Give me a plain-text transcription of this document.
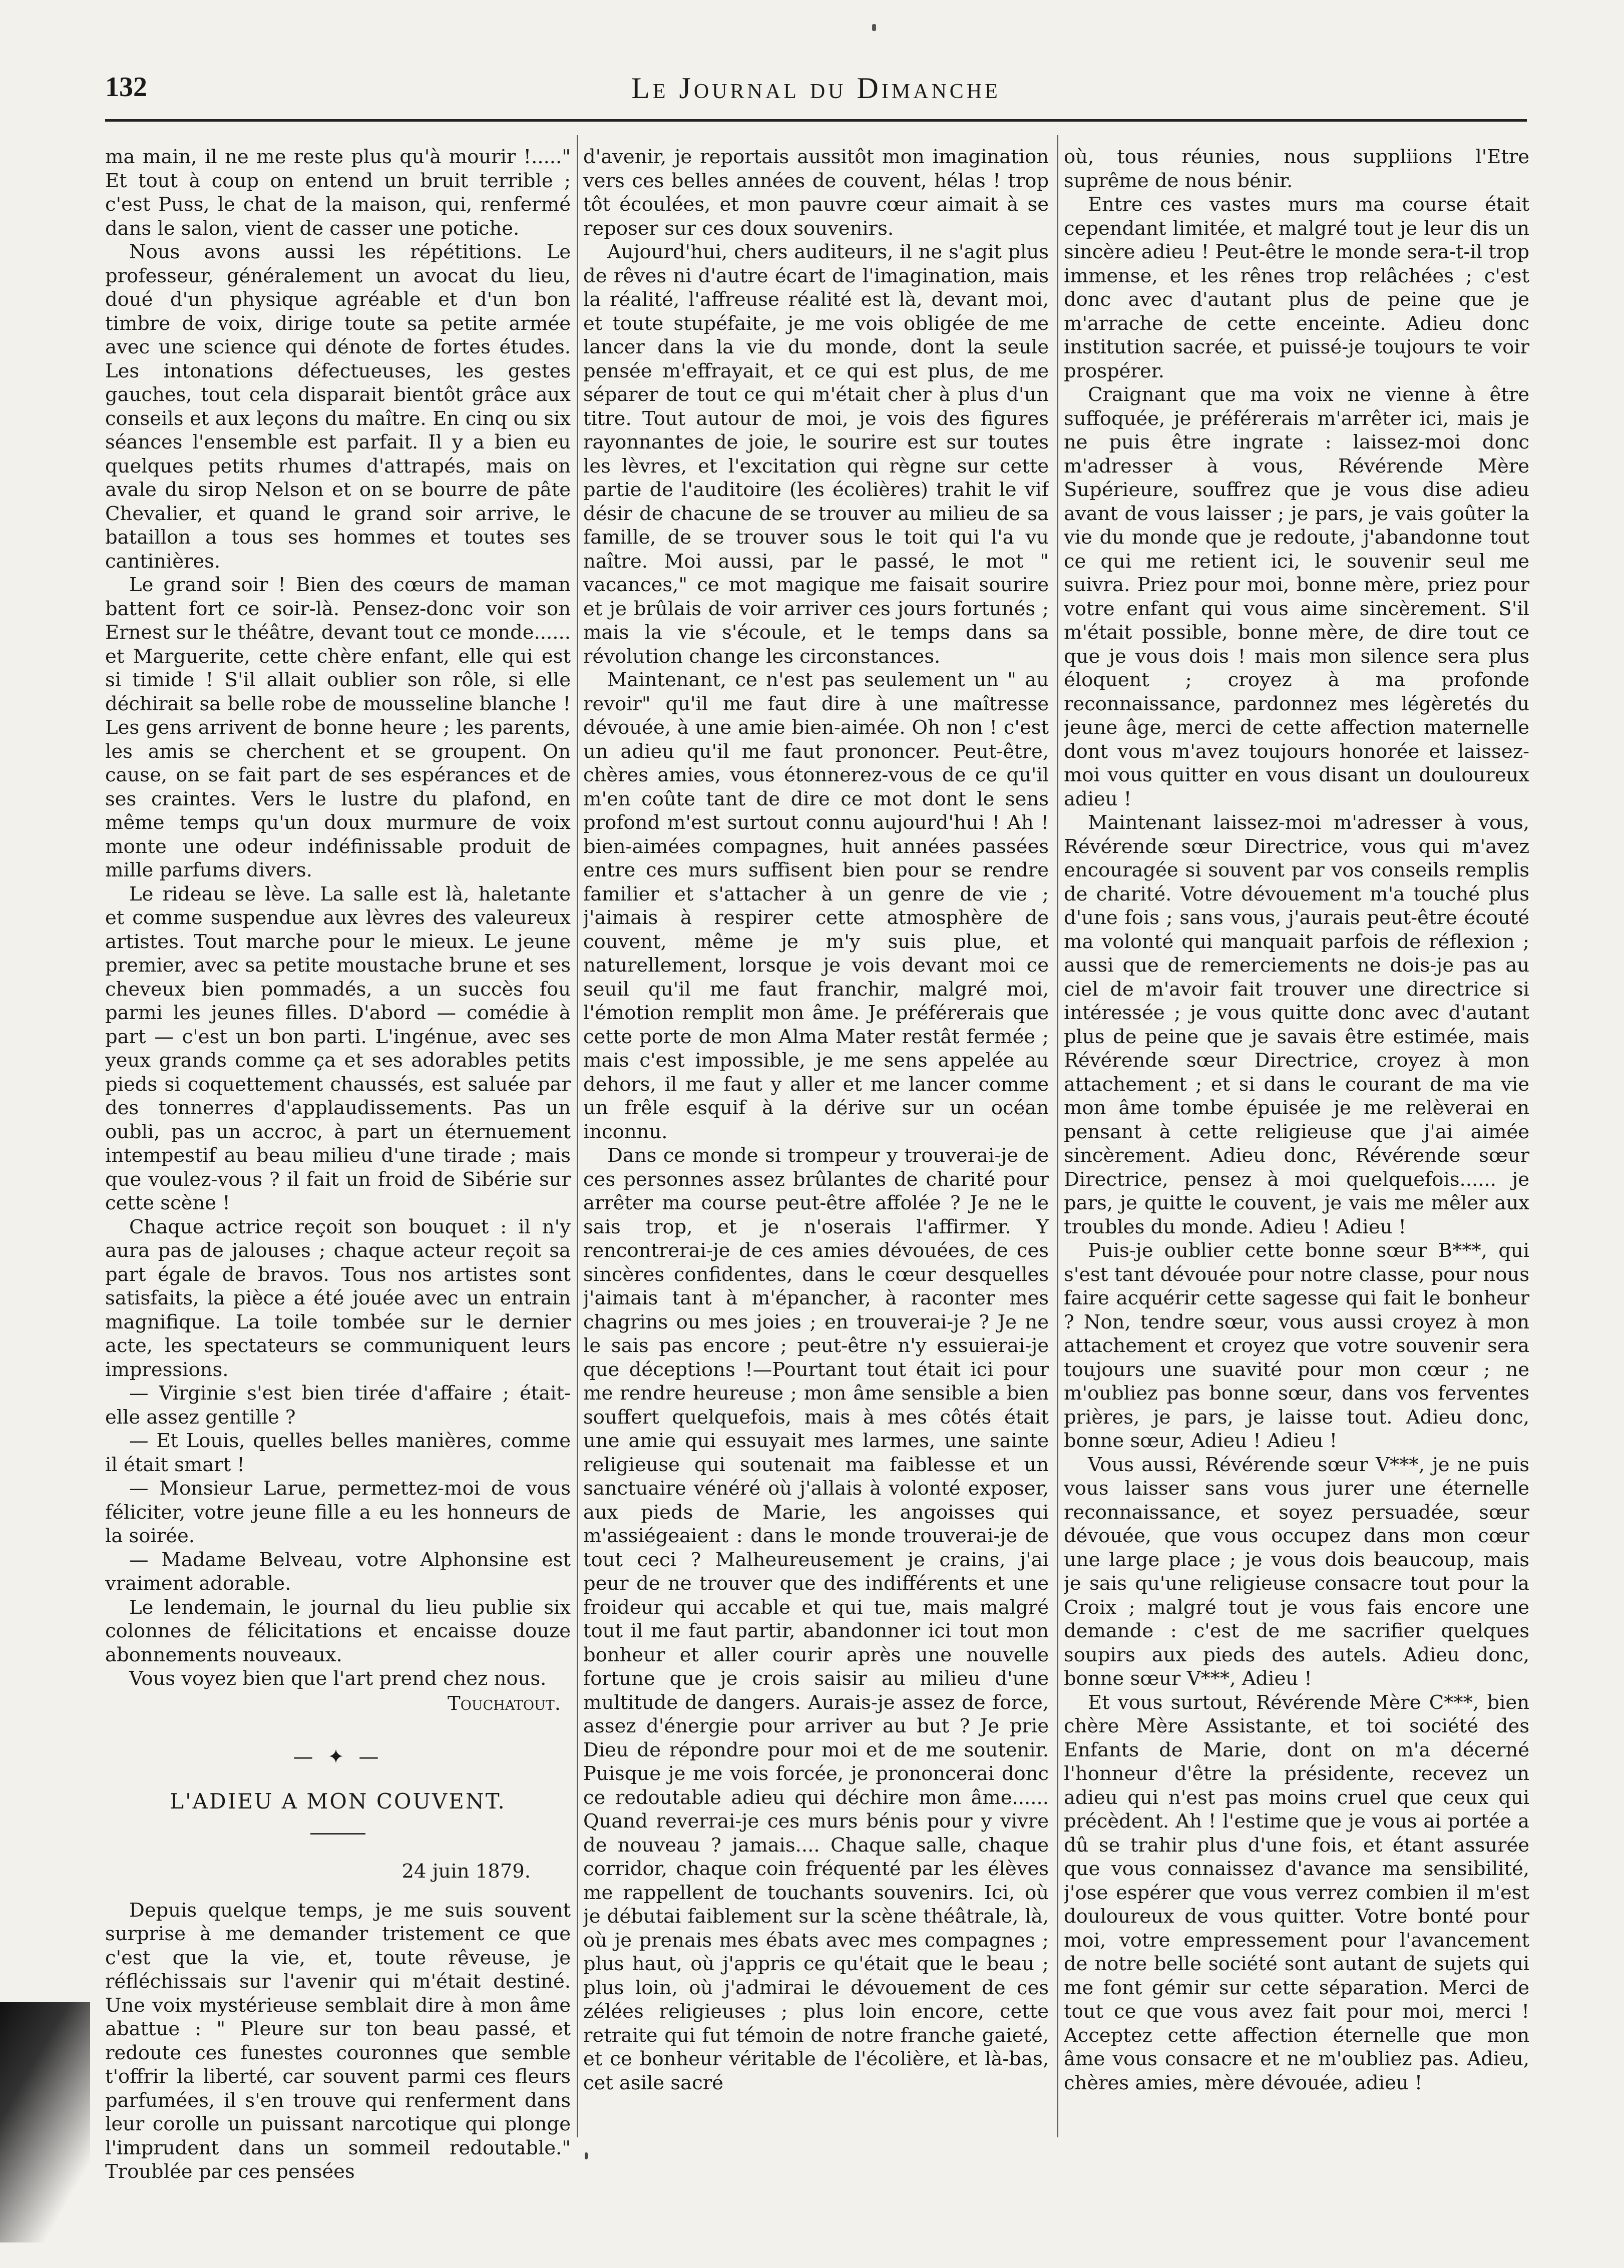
132	Le Journal du Dimanche

ma main, il ne me reste plus qu'à mourir !....." Et tout à coup on entend un bruit terrible ; c'est Puss, le chat de la maison, qui, renfermé dans le salon, vient de casser une potiche.

Nous avons aussi les répétitions. Le professeur, généralement un avocat du lieu, doué d'un physique agréable et d'un bon timbre de voix, dirige toute sa petite armée avec une science qui dénote de fortes études. Les intonations défectueuses, les gestes gauches, tout cela disparait bientôt grâce aux conseils et aux leçons du maître. En cinq ou six séances l'ensemble est parfait. Il y a bien eu quelques petits rhumes d'attrapés, mais on avale du sirop Nelson et on se bourre de pâte Chevalier, et quand le grand soir arrive, le bataillon a tous ses hommes et toutes ses cantinières.

Le grand soir ! Bien des cœurs de maman battent fort ce soir-là. Pensez-donc voir son Ernest sur le théâtre, devant tout ce monde...... et Marguerite, cette chère enfant, elle qui est si timide ! S'il allait oublier son rôle, si elle déchirait sa belle robe de mousseline blanche ! Les gens arrivent de bonne heure ; les parents, les amis se cherchent et se groupent. On cause, on se fait part de ses espérances et de ses craintes. Vers le lustre du plafond, en même temps qu'un doux murmure de voix monte une odeur indéfinissable produit de mille parfums divers.

Le rideau se lève. La salle est là, haletante et comme suspendue aux lèvres des valeureux artistes. Tout marche pour le mieux. Le jeune premier, avec sa petite moustache brune et ses cheveux bien pommadés, a un succès fou parmi les jeunes filles. D'abord — comédie à part — c'est un bon parti. L'ingénue, avec ses yeux grands comme ça et ses adorables petits pieds si coquettement chaussés, est saluée par des tonnerres d'applaudissements. Pas un oubli, pas un accroc, à part un éternuement intempestif au beau milieu d'une tirade ; mais que voulez-vous ? il fait un froid de Sibérie sur cette scène !

Chaque actrice reçoit son bouquet : il n'y aura pas de jalouses ; chaque acteur reçoit sa part égale de bravos. Tous nos artistes sont satisfaits, la pièce a été jouée avec un entrain magnifique. La toile tombée sur le dernier acte, les spectateurs se communiquent leurs impressions.

— Virginie s'est bien tirée d'affaire ; était-elle assez gentille ?

— Et Louis, quelles belles manières, comme il était smart !

— Monsieur Larue, permettez-moi de vous féliciter, votre jeune fille a eu les honneurs de la soirée.

— Madame Belveau, votre Alphonsine est vraiment adorable.

Le lendemain, le journal du lieu publie six colonnes de félicitations et encaisse douze abonnements nouveaux.

Vous voyez bien que l'art prend chez nous.

Touchatout.

— ✦ —

L'ADIEU A MON COUVENT.

24 juin 1879.

Depuis quelque temps, je me suis souvent surprise à me demander tristement ce que c'est que la vie, et, toute rêveuse, je réfléchissais sur l'avenir qui m'était destiné. Une voix mystérieuse semblait dire à mon âme abattue : " Pleure sur ton beau passé, et redoute ces funestes couronnes que semble t'offrir la liberté, car souvent parmi ces fleurs parfumées, il s'en trouve qui renferment dans leur corolle un puissant narcotique qui plonge l'imprudent dans un sommeil redoutable." Troublée par ces pensées

d'avenir, je reportais aussitôt mon imagination vers ces belles années de couvent, hélas ! trop tôt écoulées, et mon pauvre cœur aimait à se reposer sur ces doux souvenirs.

Aujourd'hui, chers auditeurs, il ne s'agit plus de rêves ni d'autre écart de l'imagination, mais la réalité, l'affreuse réalité est là, devant moi, et toute stupéfaite, je me vois obligée de me lancer dans la vie du monde, dont la seule pensée m'effrayait, et ce qui est plus, de me séparer de tout ce qui m'était cher à plus d'un titre. Tout autour de moi, je vois des figures rayonnantes de joie, le sourire est sur toutes les lèvres, et l'excitation qui règne sur cette partie de l'auditoire (les écolières) trahit le vif désir de chacune de se trouver au milieu de sa famille, de se trouver sous le toit qui l'a vu naître. Moi aussi, par le passé, le mot " vacances," ce mot magique me faisait sourire et je brûlais de voir arriver ces jours fortunés ; mais la vie s'écoule, et le temps dans sa révolution change les circonstances.

Maintenant, ce n'est pas seulement un " au revoir" qu'il me faut dire à une maîtresse dévouée, à une amie bien-aimée. Oh non ! c'est un adieu qu'il me faut prononcer. Peut-être, chères amies, vous étonnerez-vous de ce qu'il m'en coûte tant de dire ce mot dont le sens profond m'est surtout connu aujourd'hui ! Ah ! bien-aimées compagnes, huit années passées entre ces murs suffisent bien pour se rendre familier et s'attacher à un genre de vie ; j'aimais à respirer cette atmosphère de couvent, même je m'y suis plue, et naturellement, lorsque je vois devant moi ce seuil qu'il me faut franchir, malgré moi, l'émotion remplit mon âme. Je préférerais que cette porte de mon Alma Mater restât fermée ; mais c'est impossible, je me sens appelée au dehors, il me faut y aller et me lancer comme un frêle esquif à la dérive sur un océan inconnu.

Dans ce monde si trompeur y trouverai-je de ces personnes assez brûlantes de charité pour arrêter ma course peut-être affolée ? Je ne le sais trop, et je n'oserais l'affirmer. Y rencontrerai-je de ces amies dévouées, de ces sincères confidentes, dans le cœur desquelles j'aimais tant à m'épancher, à raconter mes chagrins ou mes joies ; en trouverai-je ? Je ne le sais pas encore ; peut-être n'y essuierai-je que déceptions !—Pourtant tout était ici pour me rendre heureuse ; mon âme sensible a bien souffert quelquefois, mais à mes côtés était une amie qui essuyait mes larmes, une sainte religieuse qui soutenait ma faiblesse et un sanctuaire vénéré où j'allais à volonté exposer, aux pieds de Marie, les angoisses qui m'assiégeaient : dans le monde trouverai-je de tout ceci ? Malheureusement je crains, j'ai peur de ne trouver que des indifférents et une froideur qui accable et qui tue, mais malgré tout il me faut partir, abandonner ici tout mon bonheur et aller courir après une nouvelle fortune que je crois saisir au milieu d'une multitude de dangers. Aurais-je assez de force, assez d'énergie pour arriver au but ? Je prie Dieu de répondre pour moi et de me soutenir. Puisque je me vois forcée, je prononcerai donc ce redoutable adieu qui déchire mon âme...... Quand reverrai-je ces murs bénis pour y vivre de nouveau ? jamais.... Chaque salle, chaque corridor, chaque coin fréquenté par les élèves me rappellent de touchants souvenirs. Ici, où je débutai faiblement sur la scène théâtrale, là, où je prenais mes ébats avec mes compagnes ; plus haut, où j'appris ce qu'était que le beau ; plus loin, où j'admirai le dévouement de ces zélées religieuses ; plus loin encore, cette retraite qui fut témoin de notre franche gaieté, et ce bonheur véritable de l'écolière, et là-bas, cet asile sacré

où, tous réunies, nous suppliions l'Etre suprême de nous bénir.

Entre ces vastes murs ma course était cependant limitée, et malgré tout je leur dis un sincère adieu ! Peut-être le monde sera-t-il trop immense, et les rênes trop relâchées ; c'est donc avec d'autant plus de peine que je m'arrache de cette enceinte. Adieu donc institution sacrée, et puissé-je toujours te voir prospérer.

Craignant que ma voix ne vienne à être suffoquée, je préférerais m'arrêter ici, mais je ne puis être ingrate : laissez-moi donc m'adresser à vous, Révérende Mère Supérieure, souffrez que je vous dise adieu avant de vous laisser ; je pars, je vais goûter la vie du monde que je redoute, j'abandonne tout ce qui me retient ici, le souvenir seul me suivra. Priez pour moi, bonne mère, priez pour votre enfant qui vous aime sincèrement. S'il m'était possible, bonne mère, de dire tout ce que je vous dois ! mais mon silence sera plus éloquent ; croyez à ma profonde reconnaissance, pardonnez mes légèretés du jeune âge, merci de cette affection maternelle dont vous m'avez toujours honorée et laissez-moi vous quitter en vous disant un douloureux adieu !

Maintenant laissez-moi m'adresser à vous, Révérende sœur Directrice, vous qui m'avez encouragée si souvent par vos conseils remplis de charité. Votre dévouement m'a touché plus d'une fois ; sans vous, j'aurais peut-être écouté ma volonté qui manquait parfois de réflexion ; aussi que de remerciements ne dois-je pas au ciel de m'avoir fait trouver une directrice si intéressée ; je vous quitte donc avec d'autant plus de peine que je savais être estimée, mais Révérende sœur Directrice, croyez à mon attachement ; et si dans le courant de ma vie mon âme tombe épuisée je me relèverai en pensant à cette religieuse que j'ai aimée sincèrement. Adieu donc, Révérende sœur Directrice, pensez à moi quelquefois...... je pars, je quitte le couvent, je vais me mêler aux troubles du monde. Adieu ! Adieu !

Puis-je oublier cette bonne sœur B***, qui s'est tant dévouée pour notre classe, pour nous faire acquérir cette sagesse qui fait le bonheur ? Non, tendre sœur, vous aussi croyez à mon attachement et croyez que votre souvenir sera toujours une suavité pour mon cœur ; ne m'oubliez pas bonne sœur, dans vos ferventes prières, je pars, je laisse tout. Adieu donc, bonne sœur, Adieu ! Adieu !

Vous aussi, Révérende sœur V***, je ne puis vous laisser sans vous jurer une éternelle reconnaissance, et soyez persuadée, sœur dévouée, que vous occupez dans mon cœur une large place ; je vous dois beaucoup, mais je sais qu'une religieuse consacre tout pour la Croix ; malgré tout je vous fais encore une demande : c'est de me sacrifier quelques soupirs aux pieds des autels. Adieu donc, bonne sœur V***, Adieu !

Et vous surtout, Révérende Mère C***, bien chère Mère Assistante, et toi société des Enfants de Marie, dont on m'a décerné l'honneur d'être la présidente, recevez un adieu qui n'est pas moins cruel que ceux qui précèdent. Ah ! l'estime que je vous ai portée a dû se trahir plus d'une fois, et étant assurée que vous connaissez d'avance ma sensibilité, j'ose espérer que vous verrez combien il m'est douloureux de vous quitter. Votre bonté pour moi, votre empressement pour l'avancement de notre belle société sont autant de sujets qui me font gémir sur cette séparation. Merci de tout ce que vous avez fait pour moi, merci ! Acceptez cette affection éternelle que mon âme vous consacre et ne m'oubliez pas. Adieu, chères amies, mère dévouée, adieu !
